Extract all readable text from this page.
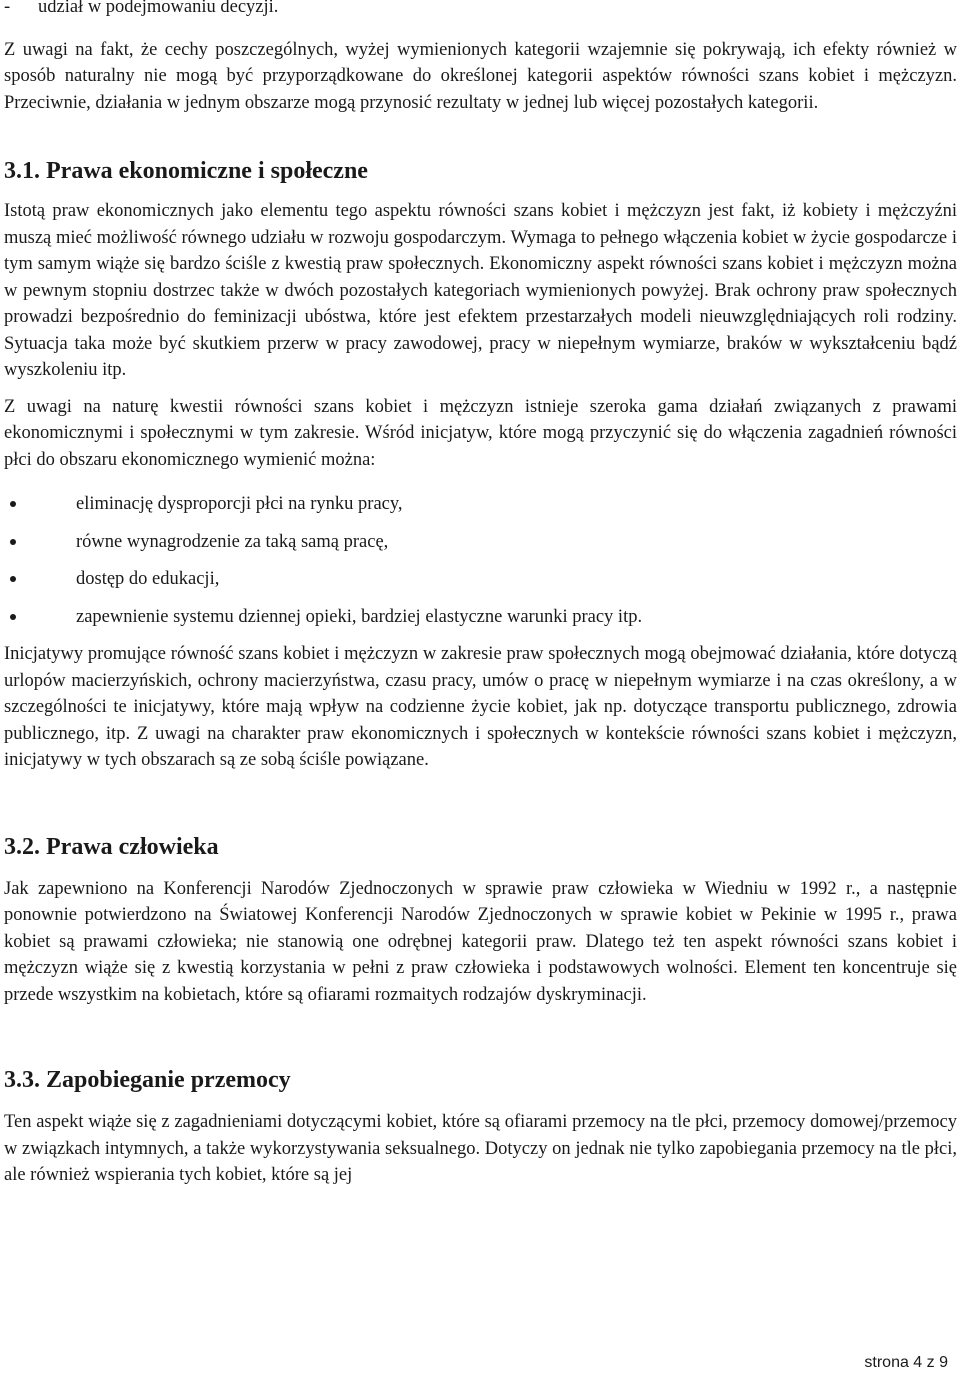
- udział w podejmowaniu decyzji.

Z uwagi na fakt, że cechy poszczególnych, wyżej wymienionych kategorii wzajemnie się pokrywają, ich efekty również w sposób naturalny nie mogą być przyporządkowane do określonej kategorii aspektów równości szans kobiet i mężczyzn. Przeciwnie, działania w jednym obszarze mogą przynosić rezultaty w jednej lub więcej pozostałych kategorii.

3.1. Prawa ekonomiczne i społeczne

Istotą praw ekonomicznych jako elementu tego aspektu równości szans kobiet i mężczyzn jest fakt, iż kobiety i mężczyźni muszą mieć możliwość równego udziału w rozwoju gospodarczym. Wymaga to pełnego włączenia kobiet w życie gospodarcze i tym samym wiąże się bardzo ściśle z kwestią praw społecznych. Ekonomiczny aspekt równości szans kobiet i mężczyzn można w pewnym stopniu dostrzec także w dwóch pozostałych kategoriach wymienionych powyżej. Brak ochrony praw społecznych prowadzi bezpośrednio do feminizacji ubóstwa, które jest efektem przestarzałych modeli nieuwzględniających roli rodziny. Sytuacja taka może być skutkiem przerw w pracy zawodowej, pracy w niepełnym wymiarze, braków w wykształceniu bądź wyszkoleniu itp.

Z uwagi na naturę kwestii równości szans kobiet i mężczyzn istnieje szeroka gama działań związanych z prawami ekonomicznymi i społecznymi w tym zakresie. Wśród inicjatyw, które mogą przyczynić się do włączenia zagadnień równości płci do obszaru ekonomicznego wymienić można:

eliminację dysproporcji płci na rynku pracy,
równe wynagrodzenie za taką samą pracę,
dostęp do edukacji,
zapewnienie systemu dziennej opieki, bardziej elastyczne warunki pracy itp.

Inicjatywy promujące równość szans kobiet i mężczyzn w zakresie praw społecznych mogą obejmować działania, które dotyczą urlopów macierzyńskich, ochrony macierzyństwa, czasu pracy, umów o pracę w niepełnym wymiarze i na czas określony, a w szczególności te inicjatywy, które mają wpływ na codzienne życie kobiet, jak np. dotyczące transportu publicznego, zdrowia publicznego, itp. Z uwagi na charakter praw ekonomicznych i społecznych w kontekście równości szans kobiet i mężczyzn, inicjatywy w tych obszarach są ze sobą ściśle powiązane.

3.2. Prawa człowieka

Jak zapewniono na Konferencji Narodów Zjednoczonych w sprawie praw człowieka w Wiedniu w 1992 r., a następnie ponownie potwierdzono na Światowej Konferencji Narodów Zjednoczonych w sprawie kobiet w Pekinie w 1995 r., prawa kobiet są prawami człowieka; nie stanowią one odrębnej kategorii praw. Dlatego też ten aspekt równości szans kobiet i mężczyzn wiąże się z kwestią korzystania w pełni z praw człowieka i podstawowych wolności. Element ten koncentruje się przede wszystkim na kobietach, które są ofiarami rozmaitych rodzajów dyskryminacji.

3.3. Zapobieganie przemocy

Ten aspekt wiąże się z zagadnieniami dotyczącymi kobiet, które są ofiarami przemocy na tle płci, przemocy domowej/przemocy w związkach intymnych, a także wykorzystywania seksualnego. Dotyczy on jednak nie tylko zapobiegania przemocy na tle płci, ale również wspierania tych kobiet, które są jej

strona 4 z 9
